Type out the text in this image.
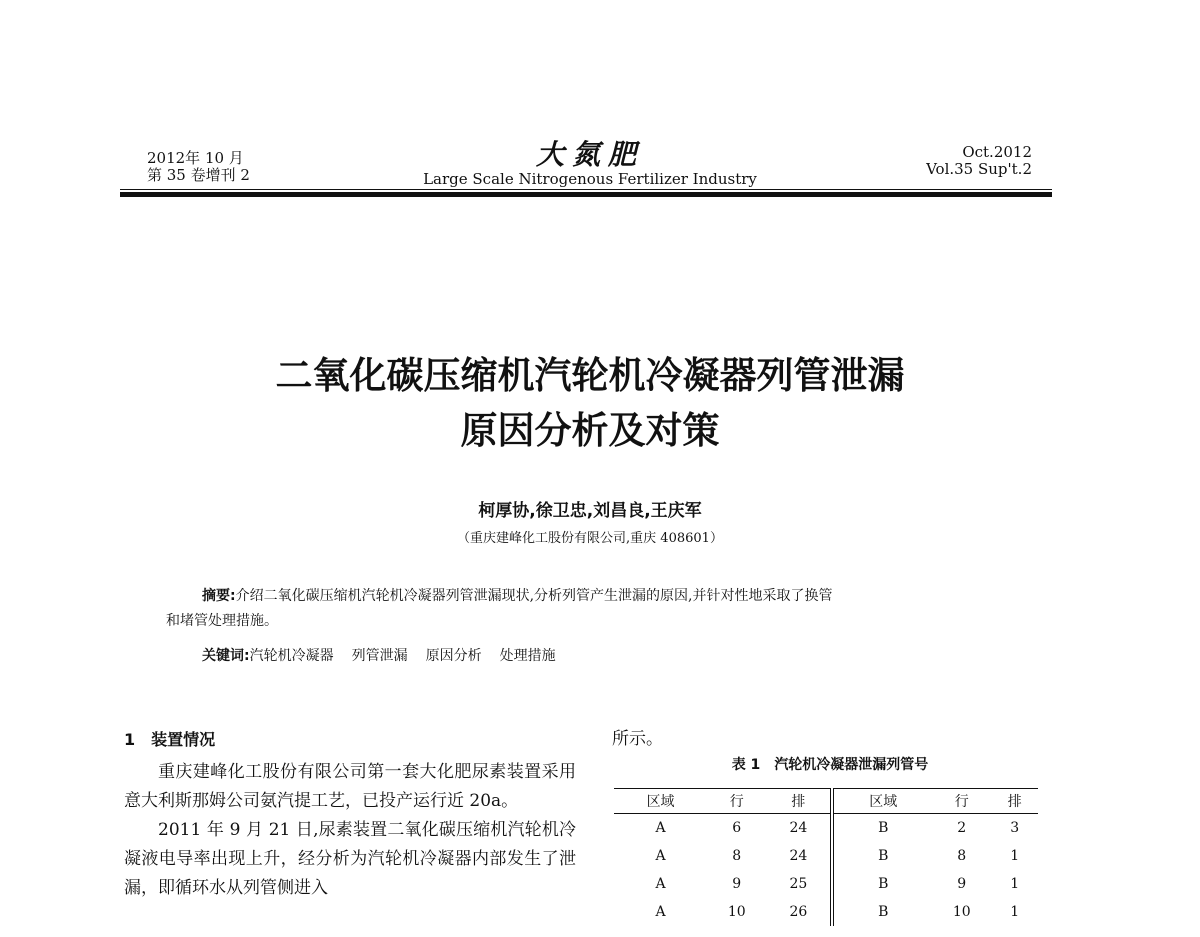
2012年 10 月
第 35 卷增刊 2
大氮肥
Large Scale Nitrogenous Fertilizer Industry
Oct.2012
Vol.35 Sup't.2
二氧化碳压缩机汽轮机冷凝器列管泄漏
原因分析及对策
柯厚协,徐卫忠,刘昌良,王庆军
（重庆建峰化工股份有限公司,重庆 408601）
摘要:介绍二氧化碳压缩机汽轮机冷凝器列管泄漏现状,分析列管产生泄漏的原因,并针对性地采取了换管
和堵管处理措施。
关键词:汽轮机冷凝器 列管泄漏 原因分析 处理措施
1 装置情况

重庆建峰化工股份有限公司第一套大化肥尿素装置采用意大利斯那姆公司氨汽提工艺，已投产运行近 20a。

2011 年 9 月 21 日,尿素装置二氧化碳压缩机汽轮机冷凝液电导率出现上升，经分析为汽轮机冷凝器内部发生了泄漏，即循环水从列管侧进入

所示。
表 1 汽轮机冷凝器泄漏列管号
区域	行	排	区域	行	排
A	6	24	B	2	3
A	8	24	B	8	1
A	9	25	B	9	1
A	10	26	B	10	1
